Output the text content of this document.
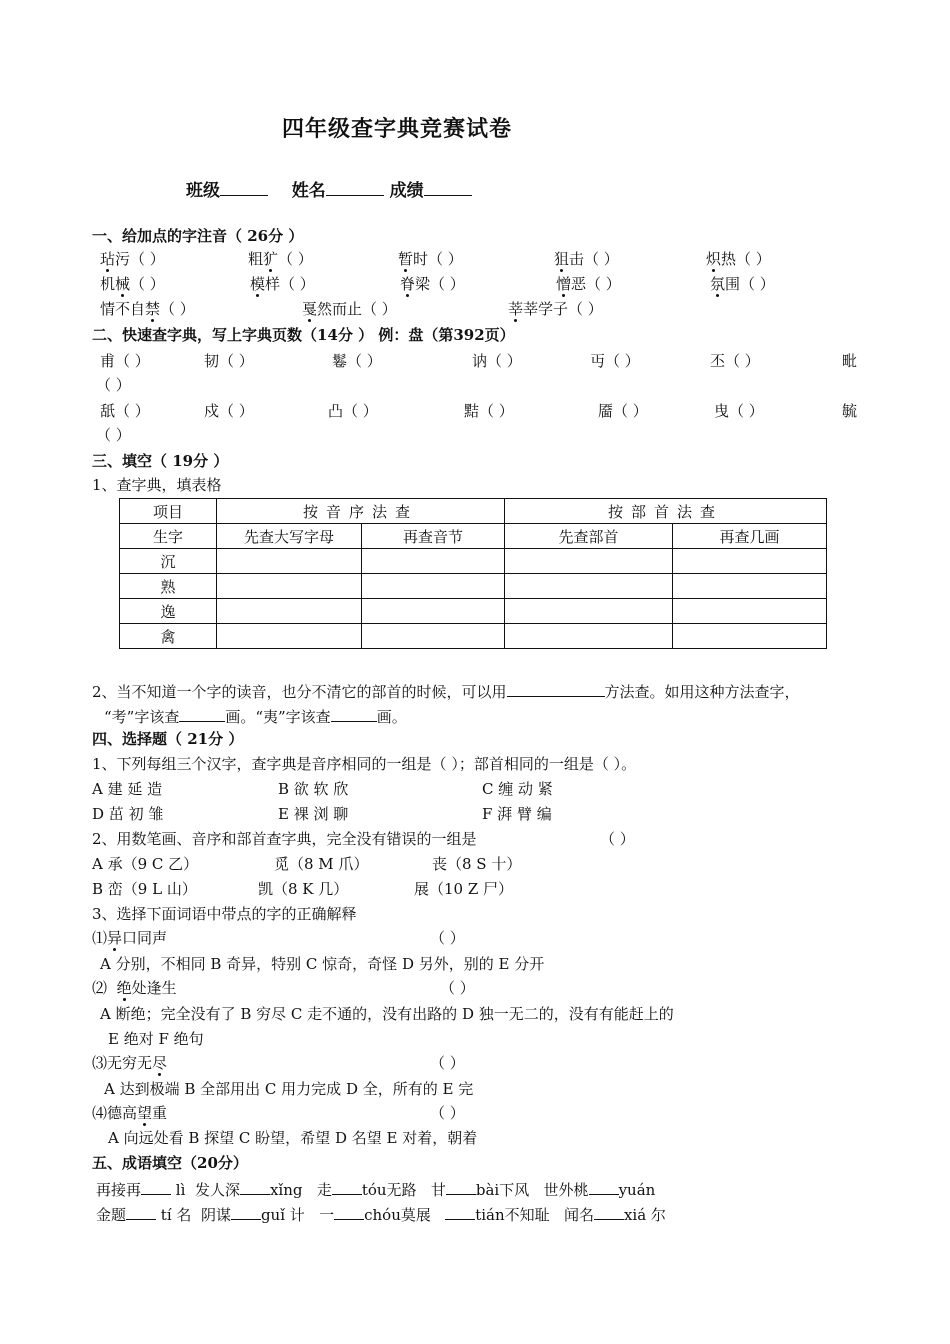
四年级查字典竞赛试卷
班级	姓名	成绩
一、给加点的字注音（ 26分 ）
玷污（ ）	粗犷（ ）	暂时（ ）	狙击（ ）	炽热（ ）
机械（ ）	模样（ ）	脊梁（ ）	憎恶（ ）	氛围（ ）
情不自禁（ ）	戛然而止（ ）	莘莘学子（ ）
二、快速查字典，写上字典页数（14分 ） 例：盘（第392页）
甫（ ）	韧（ ）	鬈（ ）	讷（ ）	丏（ ）	丕（ ）	毗
（ ）
舐（ ）	戍（ ）	凸（ ）	黠（ ）	靥（ ）	曳（ ）	毓
（ ）
三、填空（ 19分 ）
1、查字典，填表格
项目	按音序法查		按部首法查	
生字	先查大写字母	再查音节	先查部首	再查几画
沉				
熟				
逸				
禽				
2、当不知道一个字的读音，也分不清它的部首的时候，可以用	方法查。如用这种方法查字，
“考”字该查	画。“夷”字该查	画。
四、选择题（ 21分 ）
1、下列每组三个汉字，查字典是音序相同的一组是（ ）；部首相同的一组是（ ）。
A 建 延 造	B 欲 软 欣	C 缠 动 紧
D 茁 初 雏	E 裸 浏 聊	F 湃 臂 编
2、用数笔画、音序和部首查字典，完全没有错误的一组是	（ ）
A 承（9 C 乙）	觅（8 M 爪）	丧（8 S 十）
B 峦（9 L 山）	凯（8 K 几）	展（10 Z 尸）
3、选择下面词语中带点的字的正确解释
⑴异口同声	（ ）
A 分别，不相同 B 奇异，特别 C 惊奇，奇怪 D 另外，别的 E 分开
⑵ 绝处逢生	（ ）
A 断绝；完全没有了 B 穷尽 C 走不通的，没有出路的 D 独一无二的，没有有能赶上的
E 绝对 F 绝句
⑶无穷无尽	（ ）
A 达到极端 B 全部用出 C 用力完成 D 全，所有的 E 完
⑷德高望重	（ ）
A 向远处看 B 探望 C 盼望，希望 D 名望 E 对着，朝着
五、成语填空（20分）
再接再 lì 发人深 xǐng 走 tóu无路 甘 bài下风 世外桃 yuán
金题 tí 名 阴谋 guǐ 计 一 chóu莫展	tián不知耻 闻名 xiá 尔
